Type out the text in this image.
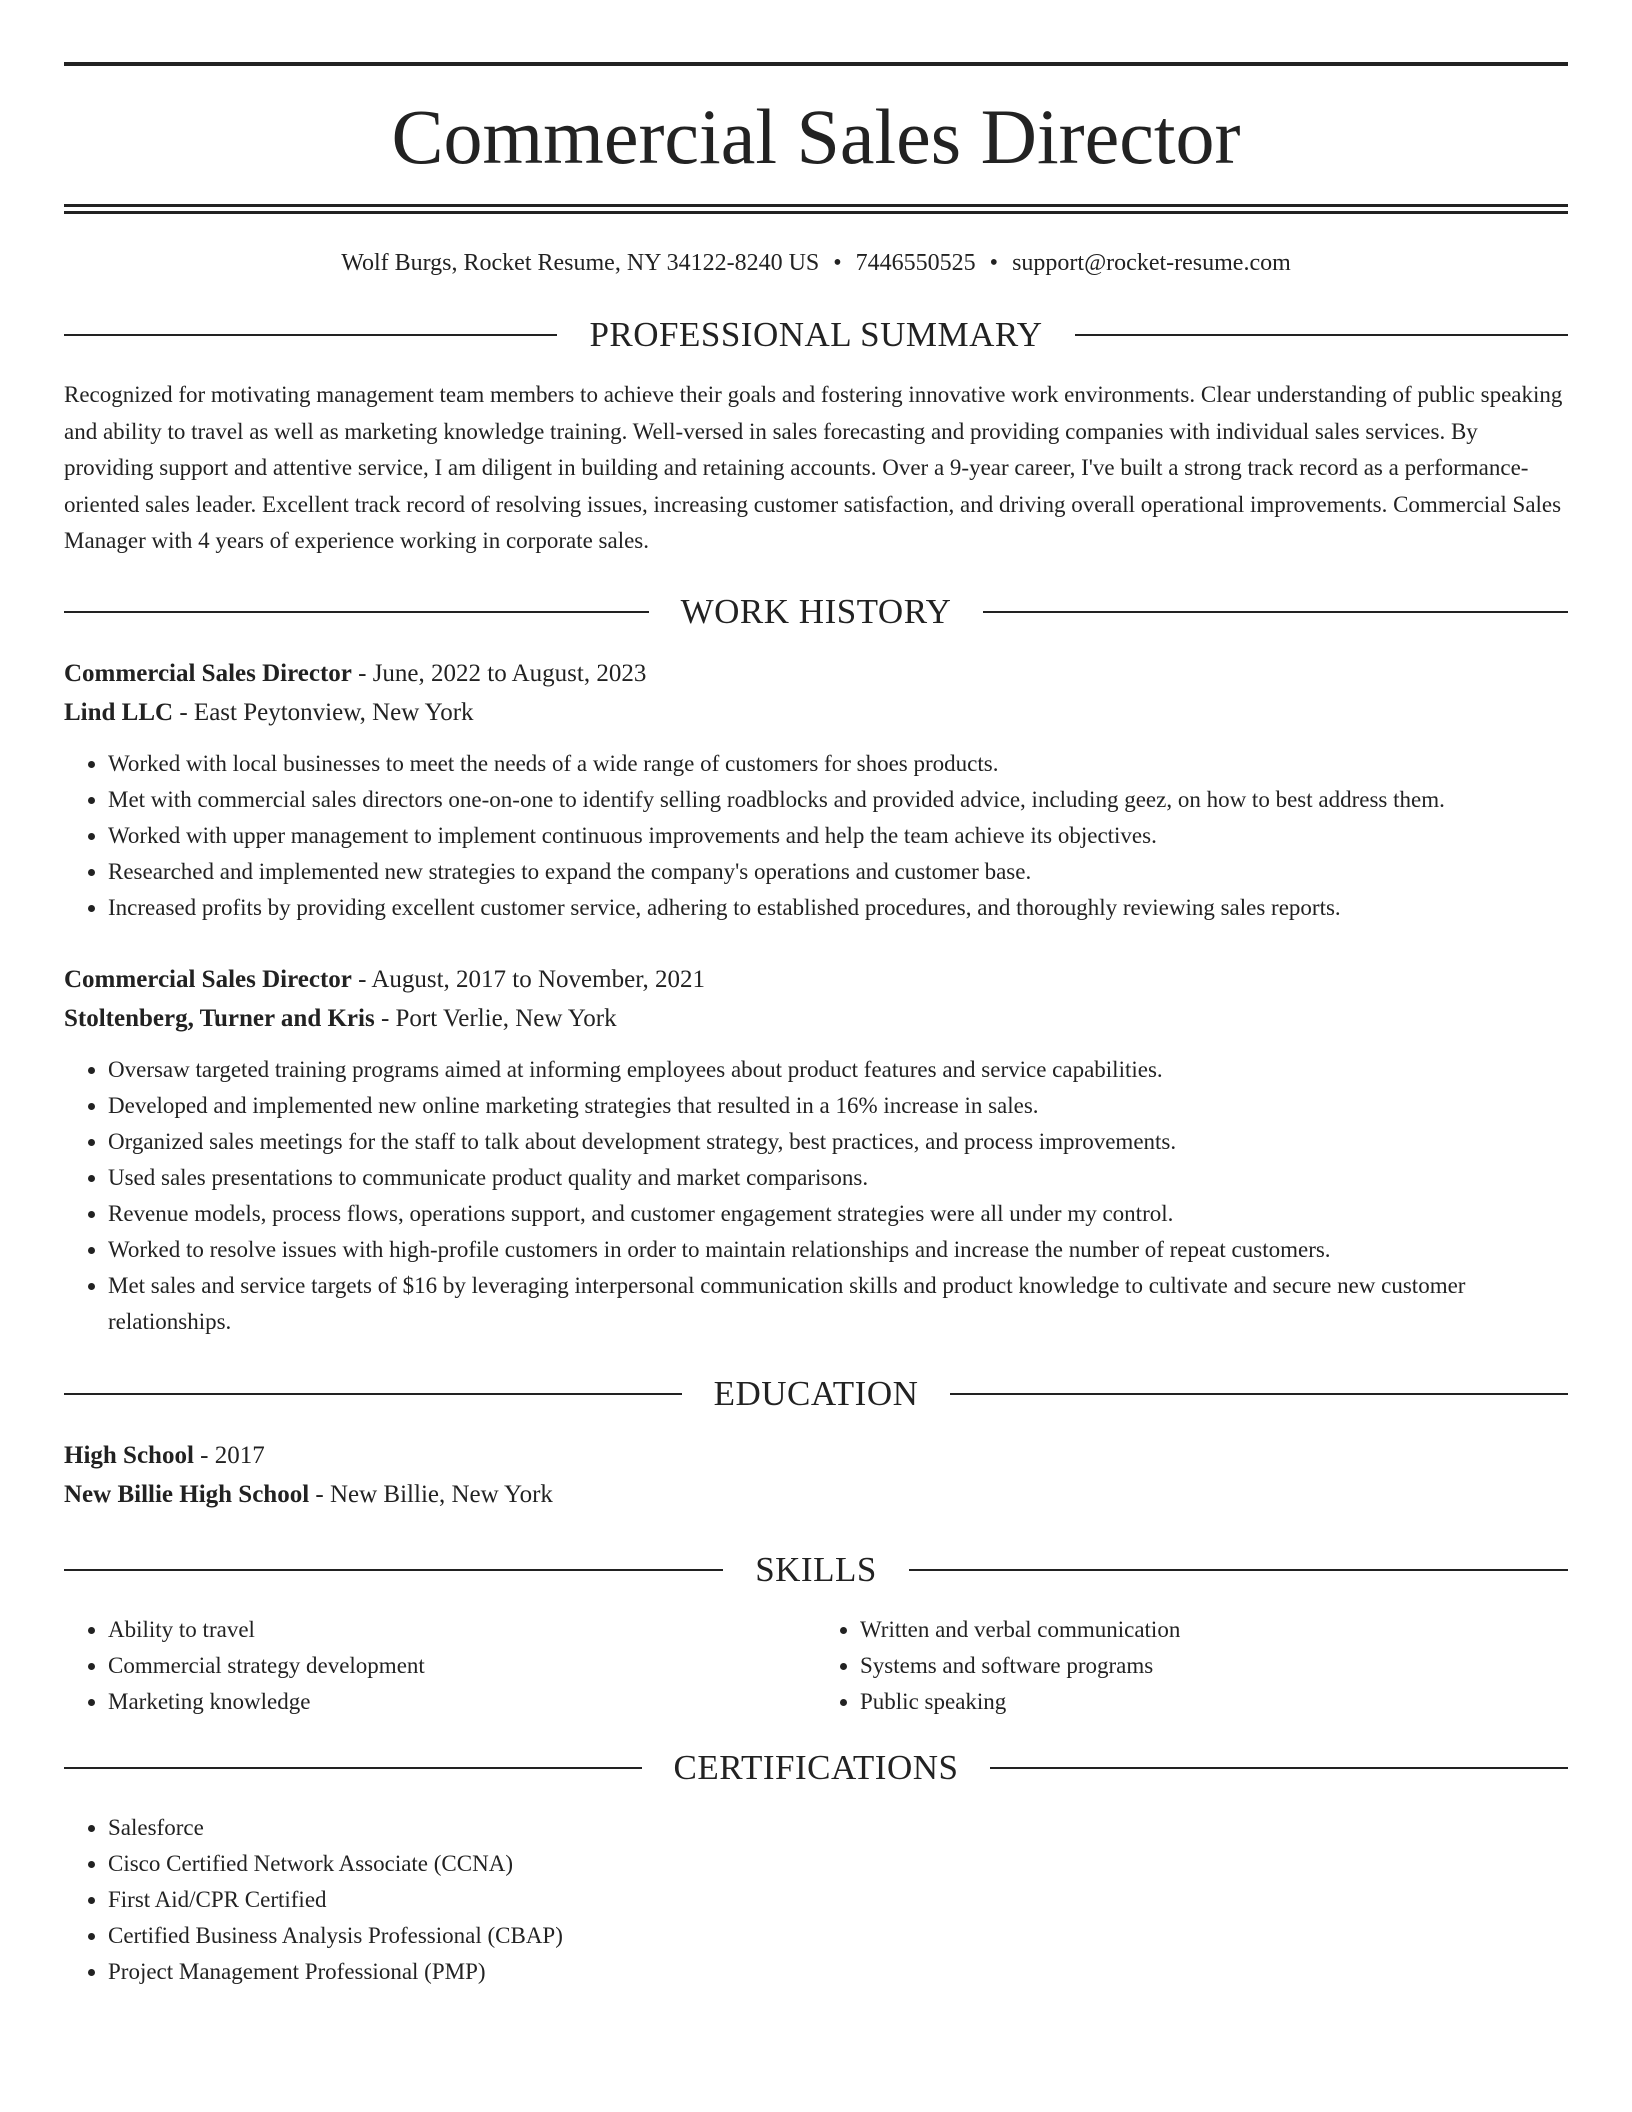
Commercial Sales Director
Wolf Burgs, Rocket Resume, NY 34122-8240 US • 7446550525 • support@rocket-resume.com
PROFESSIONAL SUMMARY

Recognized for motivating management team members to achieve their goals and fostering innovative work environments. Clear understanding of public speaking and ability to travel as well as marketing knowledge training. Well-versed in sales forecasting and providing companies with individual sales services. By providing support and attentive service, I am diligent in building and retaining accounts. Over a 9-year career, I've built a strong track record as a performance-oriented sales leader. Excellent track record of resolving issues, increasing customer satisfaction, and driving overall operational improvements. Commercial Sales Manager with 4 years of experience working in corporate sales.

WORK HISTORY
Commercial Sales Director - June, 2022 to August, 2023
Lind LLC - East Peytonview, New York
• Worked with local businesses to meet the needs of a wide range of customers for shoes products.
• Met with commercial sales directors one-on-one to identify selling roadblocks and provided advice, including geez, on how to best address them.
• Worked with upper management to implement continuous improvements and help the team achieve its objectives.
• Researched and implemented new strategies to expand the company's operations and customer base.
• Increased profits by providing excellent customer service, adhering to established procedures, and thoroughly reviewing sales reports.
Commercial Sales Director - August, 2017 to November, 2021
Stoltenberg, Turner and Kris - Port Verlie, New York
• Oversaw targeted training programs aimed at informing employees about product features and service capabilities.
• Developed and implemented new online marketing strategies that resulted in a 16% increase in sales.
• Organized sales meetings for the staff to talk about development strategy, best practices, and process improvements.
• Used sales presentations to communicate product quality and market comparisons.
• Revenue models, process flows, operations support, and customer engagement strategies were all under my control.
• Worked to resolve issues with high-profile customers in order to maintain relationships and increase the number of repeat customers.
• Met sales and service targets of $16 by leveraging interpersonal communication skills and product knowledge to cultivate and secure new customer relationships.
EDUCATION
High School - 2017
New Billie High School - New Billie, New York
SKILLS
• Ability to travel
• Commercial strategy development
• Marketing knowledge
• Written and verbal communication
• Systems and software programs
• Public speaking
CERTIFICATIONS
• Salesforce
• Cisco Certified Network Associate (CCNA)
• First Aid/CPR Certified
• Certified Business Analysis Professional (CBAP)
• Project Management Professional (PMP)
